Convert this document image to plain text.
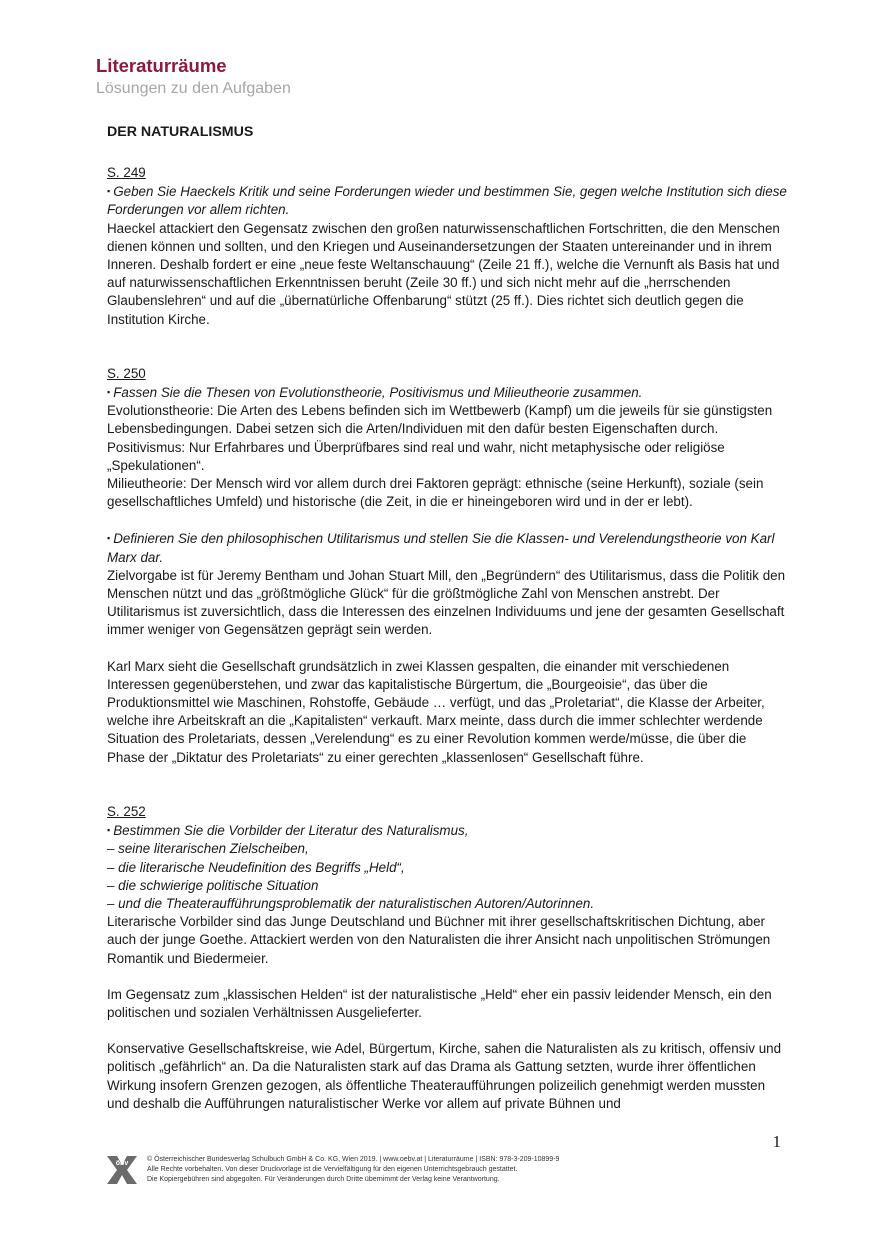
Literaturräume
Lösungen zu den Aufgaben
DER NATURALISMUS

S. 249

▪ Geben Sie Haeckels Kritik und seine Forderungen wieder und bestimmen Sie, gegen welche Institution sich diese Forderungen vor allem richten.

Haeckel attackiert den Gegensatz zwischen den großen naturwissenschaftlichen Fortschritten, die den Menschen dienen können und sollten, und den Kriegen und Auseinandersetzungen der Staaten untereinander und in ihrem Inneren. Deshalb fordert er eine „neue feste Weltanschauung“ (Zeile 21 ff.), welche die Vernunft als Basis hat und auf naturwissenschaftlichen Erkenntnissen beruht (Zeile 30 ff.) und sich nicht mehr auf die „herrschenden Glaubenslehren“ und auf die „übernatürliche Offenbarung“ stützt (25 ff.). Dies richtet sich deutlich gegen die Institution Kirche.

S. 250

▪ Fassen Sie die Thesen von Evolutionstheorie, Positivismus und Milieutheorie zusammen.

Evolutionstheorie: Die Arten des Lebens befinden sich im Wettbewerb (Kampf) um die jeweils für sie günstigsten Lebensbedingungen. Dabei setzen sich die Arten/Individuen mit den dafür besten Eigenschaften durch.

Positivismus: Nur Erfahrbares und Überprüfbares sind real und wahr, nicht metaphysische oder religiöse „Spekulationen“.

Milieutheorie: Der Mensch wird vor allem durch drei Faktoren geprägt: ethnische (seine Herkunft), soziale (sein gesellschaftliches Umfeld) und historische (die Zeit, in die er hineingeboren wird und in der er lebt).

▪ Definieren Sie den philosophischen Utilitarismus und stellen Sie die Klassen- und Verelendungstheorie von Karl Marx dar.

Zielvorgabe ist für Jeremy Bentham und Johan Stuart Mill, den „Begründern“ des Utilitarismus, dass die Politik den Menschen nützt und das „größtmögliche Glück“ für die größtmögliche Zahl von Menschen anstrebt. Der Utilitarismus ist zuversichtlich, dass die Interessen des einzelnen Individuums und jene der gesamten Gesellschaft immer weniger von Gegensätzen geprägt sein werden.

Karl Marx sieht die Gesellschaft grundsätzlich in zwei Klassen gespalten, die einander mit verschiedenen Interessen gegenüberstehen, und zwar das kapitalistische Bürgertum, die „Bourgeoisie“, das über die Produktionsmittel wie Maschinen, Rohstoffe, Gebäude … verfügt, und das „Proletariat“, die Klasse der Arbeiter, welche ihre Arbeitskraft an die „Kapitalisten“ verkauft. Marx meinte, dass durch die immer schlechter werdende Situation des Proletariats, dessen „Verelendung“ es zu einer Revolution kommen werde/müsse, die über die Phase der „Diktatur des Proletariats“ zu einer gerechten „klassenlosen“ Gesellschaft führe.

S. 252

▪ Bestimmen Sie die Vorbilder der Literatur des Naturalismus,

– seine literarischen Zielscheiben,

– die literarische Neudefinition des Begriffs „Held“,

– die schwierige politische Situation

– und die Theateraufführungsproblematik der naturalistischen Autoren/Autorinnen.

Literarische Vorbilder sind das Junge Deutschland und Büchner mit ihrer gesellschaftskritischen Dichtung, aber auch der junge Goethe. Attackiert werden von den Naturalisten die ihrer Ansicht nach unpolitischen Strömungen Romantik und Biedermeier.

Im Gegensatz zum „klassischen Helden“ ist der naturalistische „Held“ eher ein passiv leidender Mensch, ein den politischen und sozialen Verhältnissen Ausgelieferter.

Konservative Gesellschaftskreise, wie Adel, Bürgertum, Kirche, sahen die Naturalisten als zu kritisch, offensiv und politisch „gefährlich“ an. Da die Naturalisten stark auf das Drama als Gattung setzten, wurde ihrer öffentlichen Wirkung insofern Grenzen gezogen, als öffentliche Theateraufführungen polizeilich genehmigt werden mussten und deshalb die Aufführungen naturalistischer Werke vor allem auf private Bühnen und

1
öbv
© Österreichischer Bundesverlag Schulbuch GmbH & Co. KG, Wien 2019. | www.oebv.at | Literaturräume | ISBN: 978-3-209-10899-9
Alle Rechte vorbehalten. Von dieser Druckvorlage ist die Vervielfältigung für den eigenen Unterrichtsgebrauch gestattet.
Die Kopiergebühren sind abgegolten. Für Veränderungen durch Dritte übernimmt der Verlag keine Verantwortung.
